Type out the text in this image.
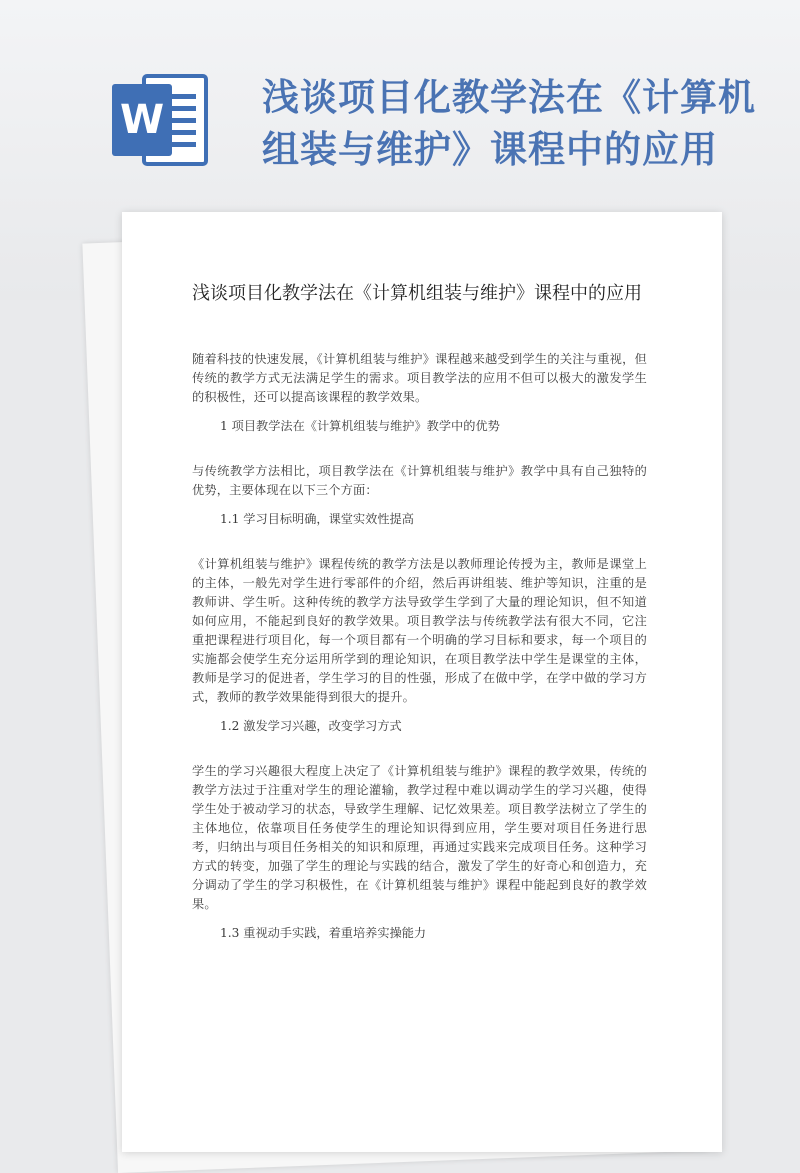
W	浅谈项目化教学法在《计算机组装与维护》课程中的应用
浅谈项目化教学法在《计算机组装与维护》课程中的应用

随着科技的快速发展，《计算机组装与维护》课程越来越受到学生的关注与重视，但传统的教学方式无法满足学生的需求。项目教学法的应用不但可以极大的激发学生的积极性，还可以提高该课程的教学效果。

1 项目教学法在《计算机组装与维护》教学中的优势

与传统教学方法相比，项目教学法在《计算机组装与维护》教学中具有自己独特的优势，主要体现在以下三个方面：

1.1 学习目标明确，课堂实效性提高

《计算机组装与维护》课程传统的教学方法是以教师理论传授为主，教师是课堂上的主体，一般先对学生进行零部件的介绍，然后再讲组装、维护等知识，注重的是教师讲、学生听。这种传统的教学方法导致学生学到了大量的理论知识，但不知道如何应用，不能起到良好的教学效果。项目教学法与传统教学法有很大不同，它注重把课程进行项目化，每一个项目都有一个明确的学习目标和要求，每一个项目的实施都会使学生充分运用所学到的理论知识，在项目教学法中学生是课堂的主体，教师是学习的促进者，学生学习的目的性强，形成了在做中学，在学中做的学习方式，教师的教学效果能得到很大的提升。

1.2 激发学习兴趣，改变学习方式

学生的学习兴趣很大程度上决定了《计算机组装与维护》课程的教学效果，传统的教学方法过于注重对学生的理论灌输，教学过程中难以调动学生的学习兴趣，使得学生处于被动学习的状态，导致学生理解、记忆效果差。项目教学法树立了学生的主体地位，依靠项目任务使学生的理论知识得到应用，学生要对项目任务进行思考，归纳出与项目任务相关的知识和原理，再通过实践来完成项目任务。这种学习方式的转变，加强了学生的理论与实践的结合，激发了学生的好奇心和创造力，充分调动了学生的学习积极性，在《计算机组装与维护》课程中能起到良好的教学效果。

1.3 重视动手实践，着重培养实操能力
